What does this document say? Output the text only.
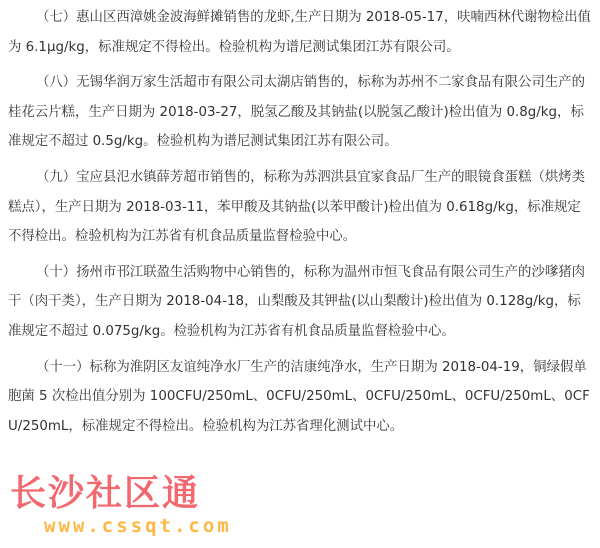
（七）惠山区西漳姚金波海鲜摊销售的龙虾,生产日期为 2018-05-17，呋喃西林代谢物检出值为 6.1μg/kg，标准规定不得检出。检验机构为谱尼测试集团江苏有限公司。

（八）无锡华润万家生活超市有限公司太湖店销售的，标称为苏州不二家食品有限公司生产的桂花云片糕，生产日期为 2018-03-27，脱氢乙酸及其钠盐(以脱氢乙酸计)检出值为 0.8g/kg，标准规定不超过 0.5g/kg。检验机构为谱尼测试集团江苏有限公司。

（九）宝应县氾水镇薛芳超市销售的，标称为苏泗洪县宜家食品厂生产的眼镜食蛋糕（烘烤类糕点），生产日期为 2018-03-11，苯甲酸及其钠盐(以苯甲酸计)检出值为 0.618g/kg，标准规定不得检出。检验机构为江苏省有机食品质量监督检验中心。

（十）扬州市邗江联盈生活购物中心销售的，标称为温州市恒飞食品有限公司生产的沙嗲猪肉干（肉干类），生产日期为 2018-04-18，山梨酸及其钾盐(以山梨酸计)检出值为 0.128g/kg，标准规定不超过 0.075g/kg。检验机构为江苏省有机食品质量监督检验中心。

（十一）标称为淮阴区友谊纯净水厂生产的洁康纯净水，生产日期为 2018-04-19，铜绿假单胞菌 5 次检出值分别为 100CFU/250mL、0CFU/250mL、0CFU/250mL、0CFU/250mL、0CFU/250mL，标准规定不得检出。检验机构为江苏省理化测试中心。

长沙社区通
www.cssqt.com
